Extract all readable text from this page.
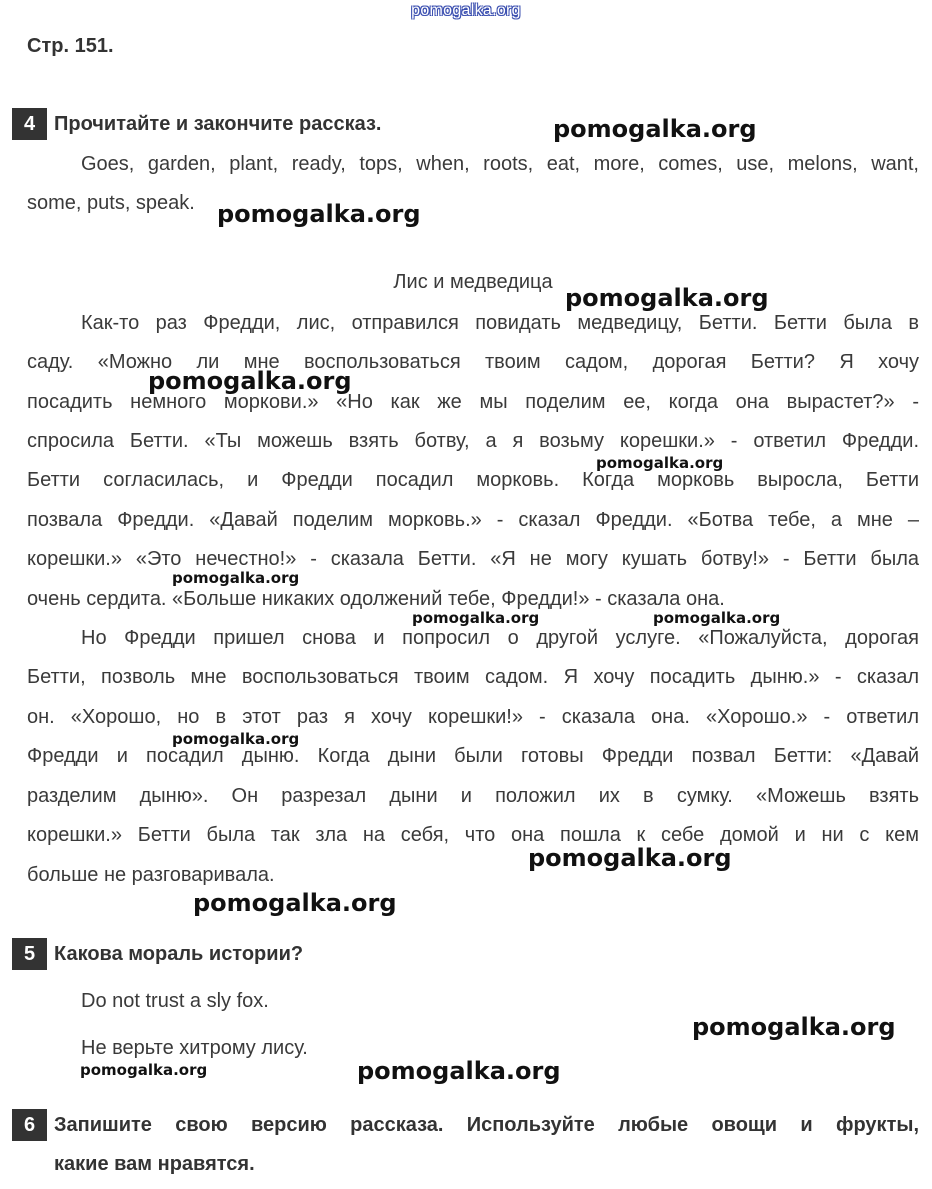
pomogalka.org
Стр. 151.
4 Прочитайте и закончите рассказ.
Goes, garden, plant, ready, tops, when, roots, eat, more, comes, use, melons, want,
some, puts, speak.
Лис и медведица
Как-то раз Фредди, лис, отправился повидать медведицу, Бетти. Бетти была в
саду. «Можно ли мне воспользоваться твоим садом, дорогая Бетти? Я хочу
посадить немного моркови.» «Но как же мы поделим ее, когда она вырастет?» -
спросила Бетти. «Ты можешь взять ботву, а я возьму корешки.» - ответил Фредди.
Бетти согласилась, и Фредди посадил морковь. Когда морковь выросла, Бетти
позвала Фредди. «Давай поделим морковь.» - сказал Фредди. «Ботва тебе, а мне –
корешки.» «Это нечестно!» - сказала Бетти. «Я не могу кушать ботву!» - Бетти была
очень сердита. «Больше никаких одолжений тебе, Фредди!» - сказала она.
Но Фредди пришел снова и попросил о другой услуге. «Пожалуйста, дорогая
Бетти, позволь мне воспользоваться твоим садом. Я хочу посадить дыню.» - сказал
он. «Хорошо, но в этот раз я хочу корешки!» - сказала она. «Хорошо.» - ответил
Фредди и посадил дыню. Когда дыни были готовы Фредди позвал Бетти: «Давай
разделим дыню». Он разрезал дыни и положил их в сумку. «Можешь взять
корешки.» Бетти была так зла на себя, что она пошла к себе домой и ни с кем
больше не разговаривала.
5 Какова мораль истории?
Do not trust a sly fox.
Не верьте хитрому лису.
6 Запишите свою версию рассказа. Используйте любые овощи и фрукты,
какие вам нравятся.
pomogalka.org
pomogalka.org
pomogalka.org
pomogalka.org
pomogalka.org
pomogalka.org
pomogalka.org	pomogalka.org
pomogalka.org
pomogalka.org
pomogalka.org
pomogalka.org
pomogalka.org	pomogalka.org
